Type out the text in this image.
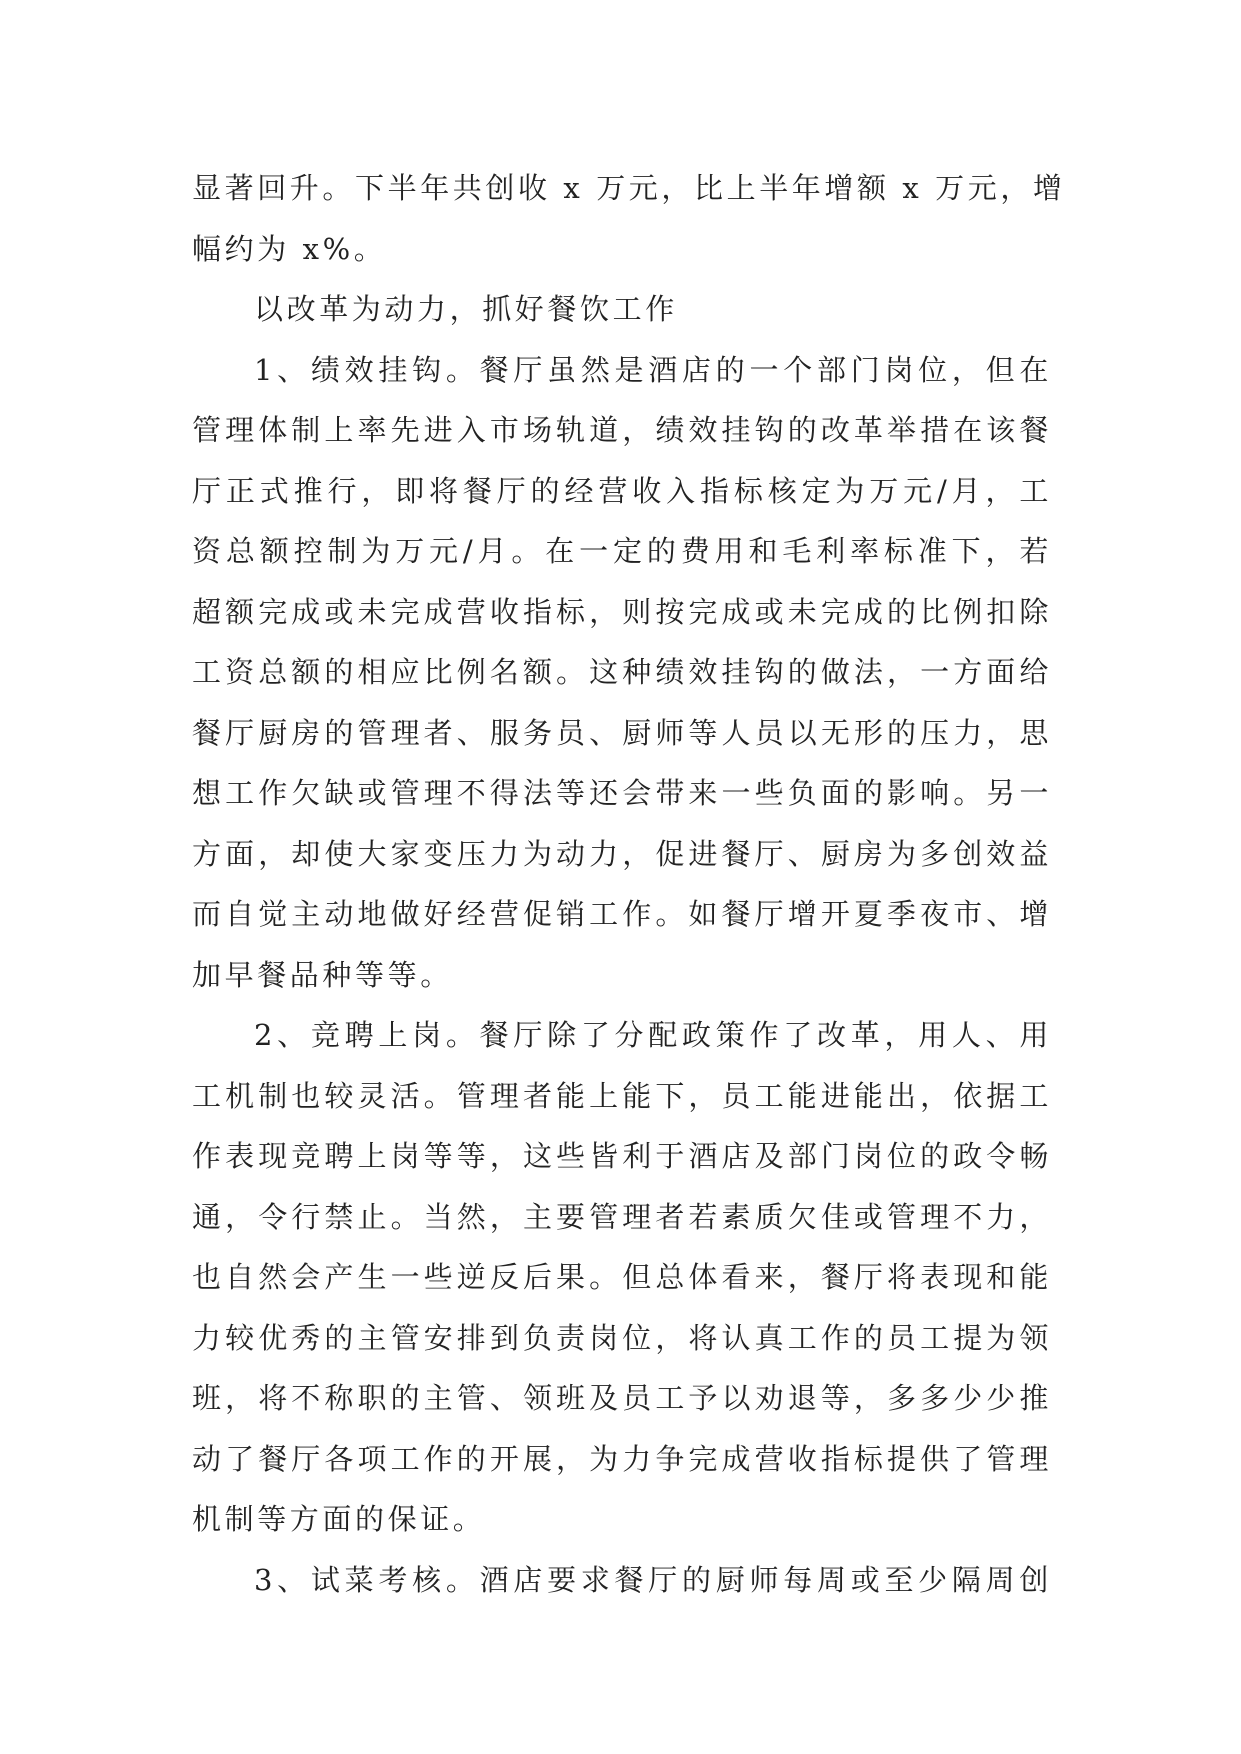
显著回升。下半年共创收 x 万元，比上半年增额 x 万元，增
幅约为 x%。
以改革为动力，抓好餐饮工作
1、绩效挂钩。餐厅虽然是酒店的一个部门岗位，但在
管理体制上率先进入市场轨道，绩效挂钩的改革举措在该餐
厅正式推行，即将餐厅的经营收入指标核定为万元/月，工
资总额控制为万元/月。在一定的费用和毛利率标准下，若
超额完成或未完成营收指标，则按完成或未完成的比例扣除
工资总额的相应比例名额。这种绩效挂钩的做法，一方面给
餐厅厨房的管理者、服务员、厨师等人员以无形的压力，思
想工作欠缺或管理不得法等还会带来一些负面的影响。另一
方面，却使大家变压力为动力，促进餐厅、厨房为多创效益
而自觉主动地做好经营促销工作。如餐厅增开夏季夜市、增
加早餐品种等等。
2、竞聘上岗。餐厅除了分配政策作了改革，用人、用
工机制也较灵活。管理者能上能下，员工能进能出，依据工
作表现竞聘上岗等等，这些皆利于酒店及部门岗位的政令畅
通，令行禁止。当然，主要管理者若素质欠佳或管理不力，
也自然会产生一些逆反后果。但总体看来，餐厅将表现和能
力较优秀的主管安排到负责岗位，将认真工作的员工提为领
班，将不称职的主管、领班及员工予以劝退等，多多少少推
动了餐厅各项工作的开展，为力争完成营收指标提供了管理
机制等方面的保证。
3、试菜考核。酒店要求餐厅的厨师每周或至少隔周创
